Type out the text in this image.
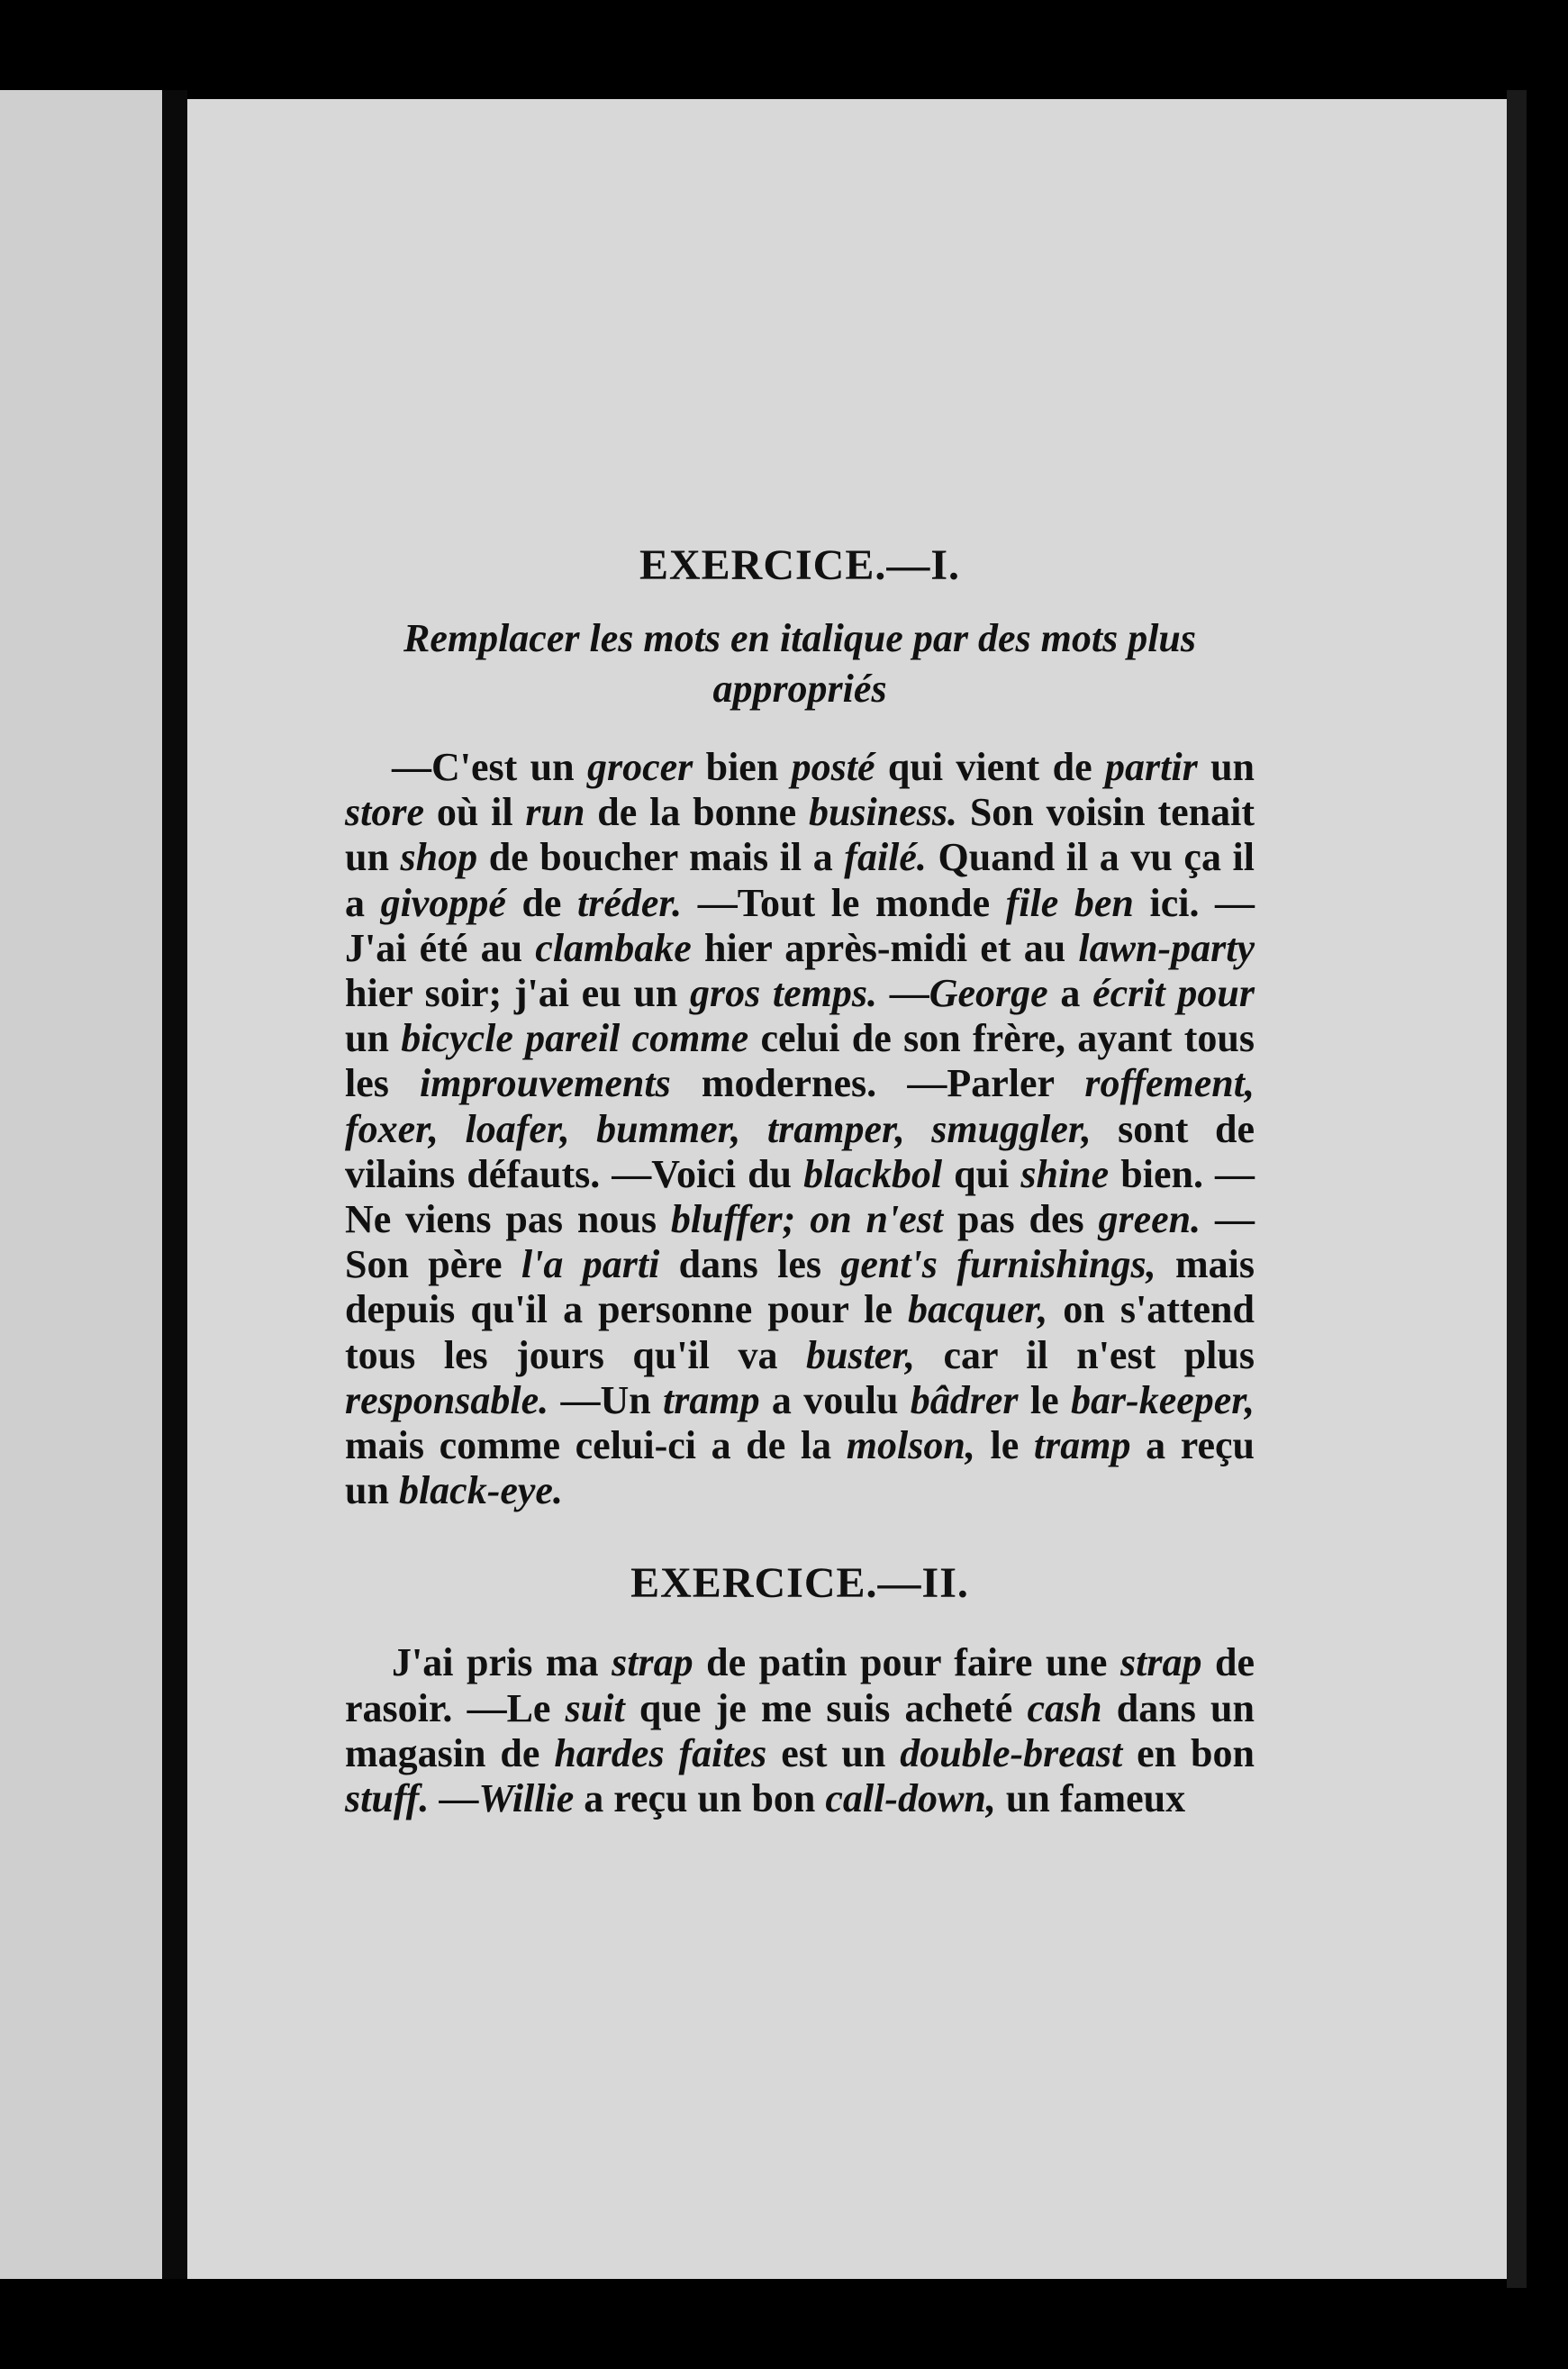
EXERCICE.—I.

Remplacer les mots en italique par des mots plus appropriés

—C'est un grocer bien posté qui vient de partir un store où il run de la bonne business. Son voisin tenait un shop de boucher mais il a failé. Quand il a vu ça il a givoppé de tréder. —Tout le monde file ben ici. —J'ai été au clambake hier après-midi et au lawn-party hier soir; j'ai eu un gros temps. —George a écrit pour un bicycle pareil comme celui de son frère, ayant tous les improuvements modernes. —Parler roffement, foxer, loafer, bummer, tramper, smuggler, sont de vilains défauts. —Voici du blackbol qui shine bien. —Ne viens pas nous bluffer; on n'est pas des green. —Son père l'a parti dans les gent's furnishings, mais depuis qu'il a personne pour le bacquer, on s'attend tous les jours qu'il va buster, car il n'est plus responsable. —Un tramp a voulu bâdrer le bar-keeper, mais comme celui-ci a de la molson, le tramp a reçu un black-eye.

EXERCICE.—II.

J'ai pris ma strap de patin pour faire une strap de rasoir. —Le suit que je me suis acheté cash dans un magasin de hardes faites est un double-breast en bon stuff. —Willie a reçu un bon call-down, un fameux
